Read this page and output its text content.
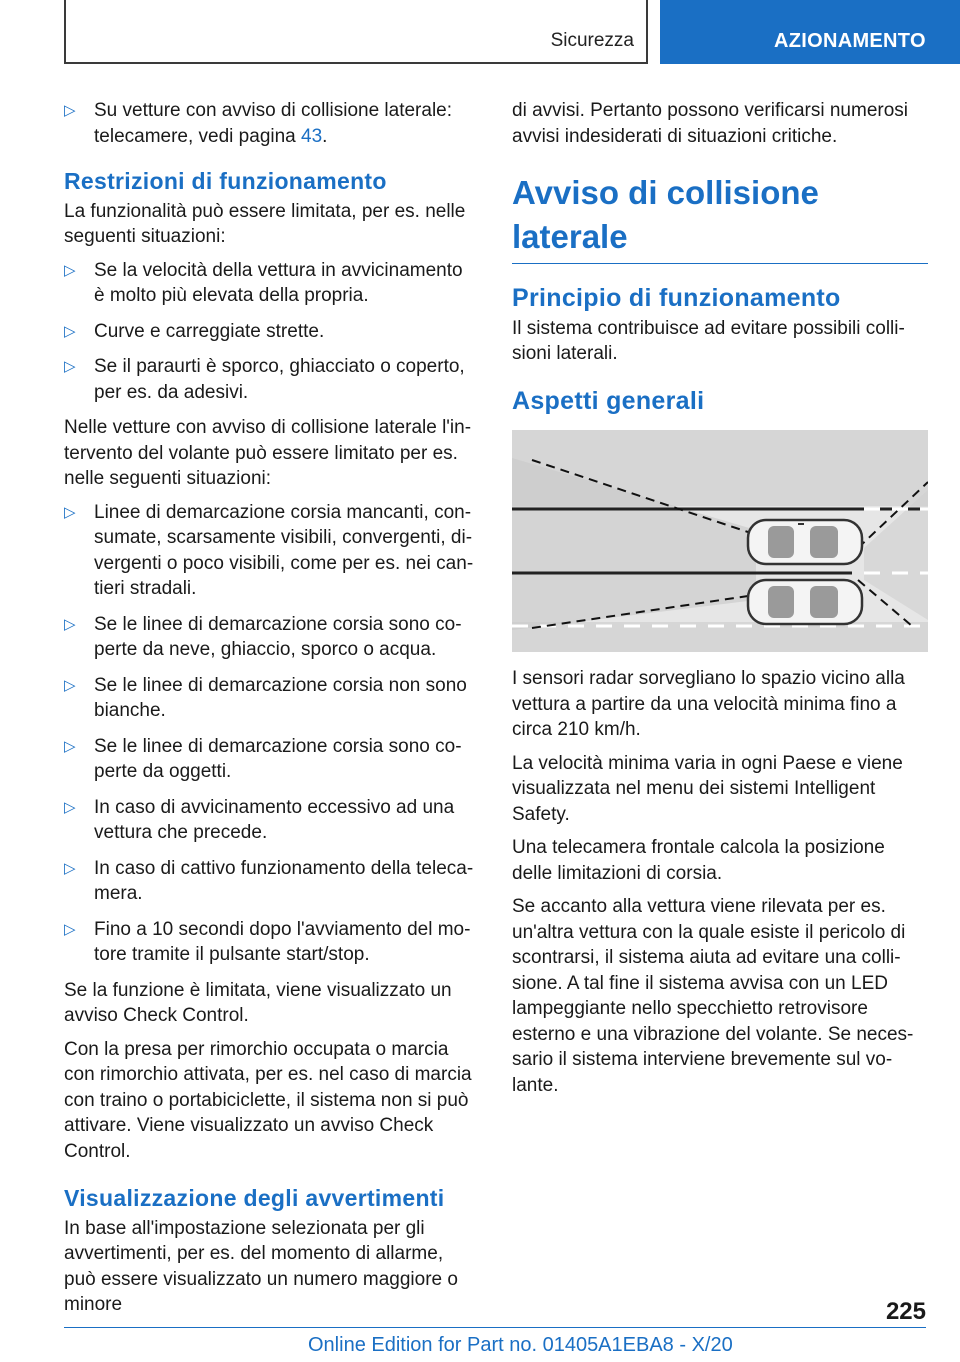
Sicurezza	AZIONAMENTO
▷ Su vetture con avviso di collisione laterale: telecamere, vedi pagina 43.
Restrizioni di funzionamento

La funzionalità può essere limitata, per es. nelle seguenti situazioni:

▷ Se la velocità della vettura in avvicinamento è molto più elevata della propria.
▷ Curve e carreggiate strette.
▷ Se il paraurti è sporco, ghiacciato o coperto, per es. da adesivi.

Nelle vetture con avviso di collisione laterale l'intervento del volante può essere limitato per es. nelle seguenti situazioni:

▷ Linee di demarcazione corsia mancanti, consumate, scarsamente visibili, convergenti, divergenti o poco visibili, come per es. nei cantieri stradali.
▷ Se le linee di demarcazione corsia sono coperte da neve, ghiaccio, sporco o acqua.
▷ Se le linee di demarcazione corsia non sono bianche.
▷ Se le linee di demarcazione corsia sono coperte da oggetti.
▷ In caso di avvicinamento eccessivo ad una vettura che precede.
▷ In caso di cattivo funzionamento della telecamera.
▷ Fino a 10 secondi dopo l'avviamento del motore tramite il pulsante start/stop.

Se la funzione è limitata, viene visualizzato un avviso Check Control.

Con la presa per rimorchio occupata o marcia con rimorchio attivata, per es. nel caso di marcia con traino o portabiciclette, il sistema non si può attivare. Viene visualizzato un avviso Check Control.

Visualizzazione degli avvertimenti

In base all'impostazione selezionata per gli avvertimenti, per es. del momento di allarme, può essere visualizzato un numero maggiore o minore

di avvisi. Pertanto possono verificarsi numerosi avvisi indesiderati di situazioni critiche.

Avviso di collisione laterale
Principio di funzionamento

Il sistema contribuisce ad evitare possibili collisioni laterali.

Aspetti generali

I sensori radar sorvegliano lo spazio vicino alla vettura a partire da una velocità minima fino a circa 210 km/h.

La velocità minima varia in ogni Paese e viene visualizzata nel menu dei sistemi Intelligent Safety.

Una telecamera frontale calcola la posizione delle limitazioni di corsia.

Se accanto alla vettura viene rilevata per es. un'altra vettura con la quale esiste il pericolo di scontrarsi, il sistema aiuta ad evitare una collisione. A tal fine il sistema avvisa con un LED lampeggiante nello specchietto retrovisore esterno e una vibrazione del volante. Se necessario il sistema interviene brevemente sul volante.

225
Online Edition for Part no. 01405A1EBA8 - X/20
